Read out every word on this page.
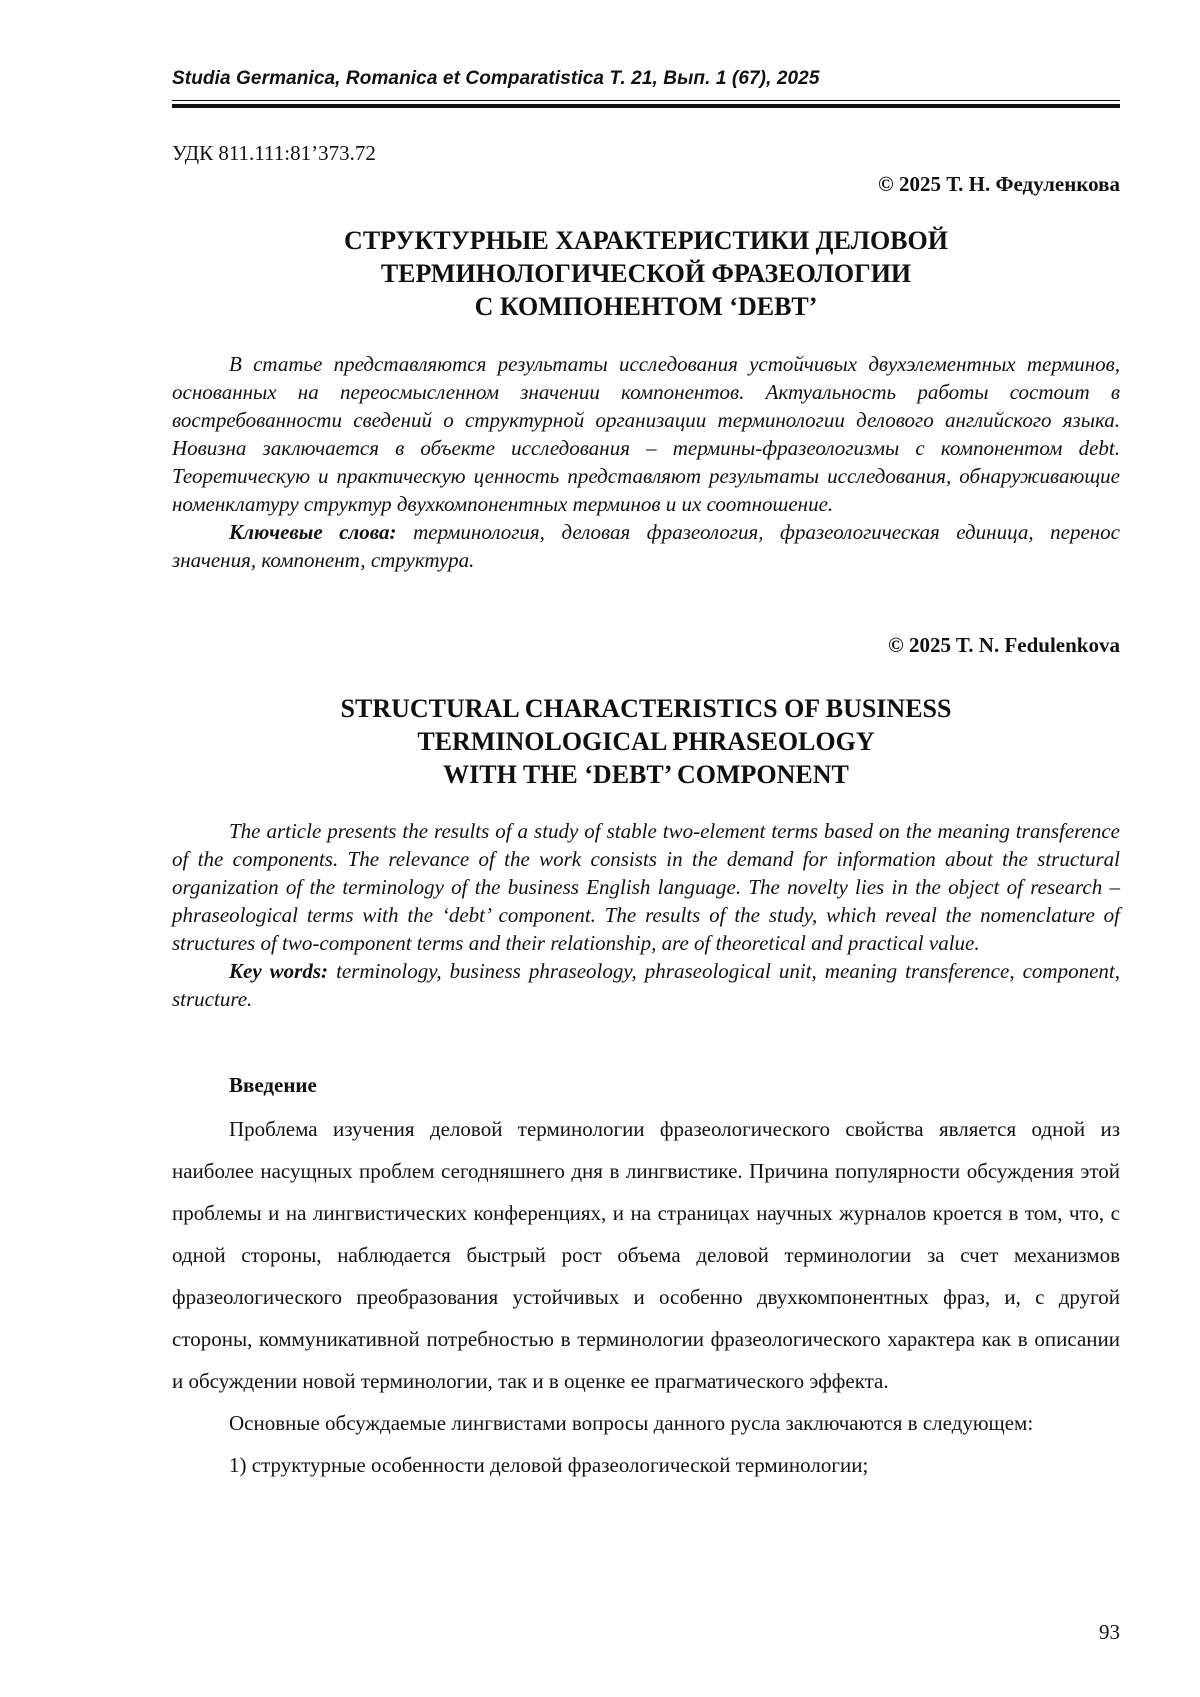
Studia Germanica, Romanica et Comparatistica Т. 21, Вып. 1 (67), 2025
УДК 811.111:81’373.72
© 2025 Т. Н. Федуленкова
СТРУКТУРНЫЕ ХАРАКТЕРИСТИКИ ДЕЛОВОЙ
ТЕРМИНОЛОГИЧЕСКОЙ ФРАЗЕОЛОГИИ
С КОМПОНЕНТОМ ‘DEBT’

В статье представляются результаты исследования устойчивых двухэлементных терминов, основанных на переосмысленном значении компонентов. Актуальность работы состоит в востребованности сведений о структурной организации терминологии делового английского языка. Новизна заключается в объекте исследования – термины-фразеологизмы с компонентом debt. Теоретическую и практическую ценность представляют результаты исследования, обнаруживающие номенклатуру структур двухкомпонентных терминов и их соотношение.

Ключевые слова: терминология, деловая фразеология, фразеологическая единица, перенос значения, компонент, структура.

© 2025 T. N. Fedulenkova
STRUCTURAL CHARACTERISTICS OF BUSINESS
TERMINOLOGICAL PHRASEOLOGY
WITH THE ‘DEBT’ COMPONENT

The article presents the results of a study of stable two-element terms based on the meaning transference of the components. The relevance of the work consists in the demand for information about the structural organization of the terminology of the business English language. The novelty lies in the object of research – phraseological terms with the ‘debt’ component. The results of the study, which reveal the nomenclature of structures of two-component terms and their relationship, are of theoretical and practical value.

Key words: terminology, business phraseology, phraseological unit, meaning transference, component, structure.

Введение

Проблема изучения деловой терминологии фразеологического свойства является одной из наиболее насущных проблем сегодняшнего дня в лингвистике. Причина популярности обсуждения этой проблемы и на лингвистических конференциях, и на страницах научных журналов кроется в том, что, с одной стороны, наблюдается быстрый рост объема деловой терминологии за счет механизмов фразеологического преобразования устойчивых и особенно двухкомпонентных фраз, и, с другой стороны, коммуникативной потребностью в терминологии фразеологического характера как в описании и обсуждении новой терминологии, так и в оценке ее прагматического эффекта.

Основные обсуждаемые лингвистами вопросы данного русла заключаются в следующем:

1) структурные особенности деловой фразеологической терминологии;

93
